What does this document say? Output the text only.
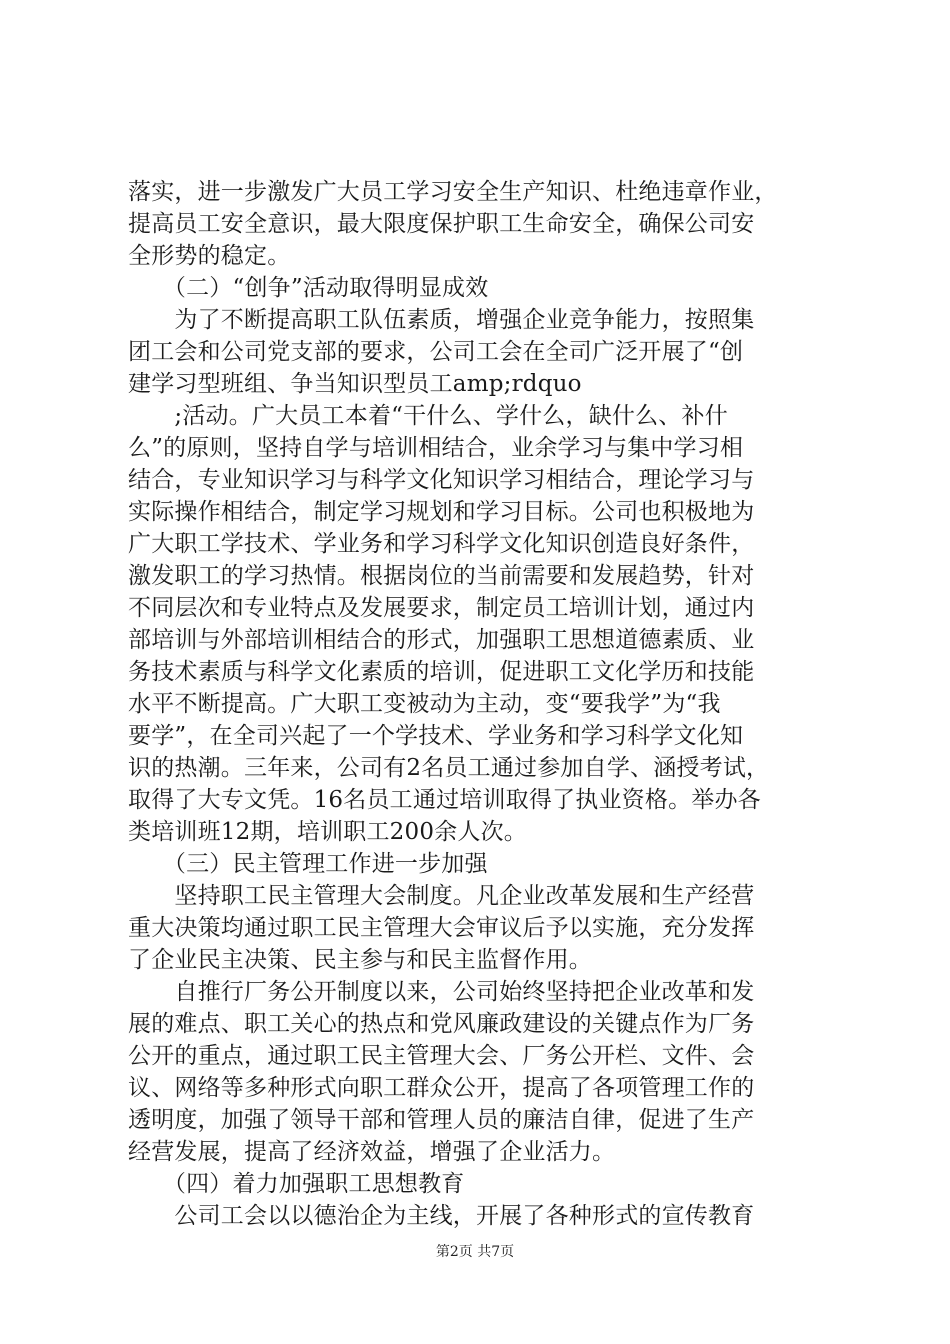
落实，进一步激发广大员工学习安全生产知识、杜绝违章作业，
提高员工安全意识，最大限度保护职工生命安全，确保公司安
全形势的稳定。
　　（二）“创争”活动取得明显成效
　　为了不断提高职工队伍素质，增强企业竞争能力，按照集
团工会和公司党支部的要求，公司工会在全司广泛开展了“创
建学习型班组、争当知识型员工amp;rdquo
　　;活动。广大员工本着“干什么、学什么，缺什么、补什
么”的原则，坚持自学与培训相结合，业余学习与集中学习相
结合，专业知识学习与科学文化知识学习相结合，理论学习与
实际操作相结合，制定学习规划和学习目标。公司也积极地为
广大职工学技术、学业务和学习科学文化知识创造良好条件，
激发职工的学习热情。根据岗位的当前需要和发展趋势，针对
不同层次和专业特点及发展要求，制定员工培训计划，通过内
部培训与外部培训相结合的形式，加强职工思想道德素质、业
务技术素质与科学文化素质的培训，促进职工文化学历和技能
水平不断提高。广大职工变被动为主动，变“要我学”为“我
要学”，在全司兴起了一个学技术、学业务和学习科学文化知
识的热潮。三年来，公司有2名员工通过参加自学、涵授考试，
取得了大专文凭。16名员工通过培训取得了执业资格。举办各
类培训班12期，培训职工200余人次。
　　（三）民主管理工作进一步加强
　　坚持职工民主管理大会制度。凡企业改革发展和生产经营
重大决策均通过职工民主管理大会审议后予以实施，充分发挥
了企业民主决策、民主参与和民主监督作用。
　　自推行厂务公开制度以来，公司始终坚持把企业改革和发
展的难点、职工关心的热点和党风廉政建设的关键点作为厂务
公开的重点，通过职工民主管理大会、厂务公开栏、文件、会
议、网络等多种形式向职工群众公开，提高了各项管理工作的
透明度，加强了领导干部和管理人员的廉洁自律，促进了生产
经营发展，提高了经济效益，增强了企业活力。
　　（四）着力加强职工思想教育
　　公司工会以以德治企为主线，开展了各种形式的宣传教育
第2页 共7页
